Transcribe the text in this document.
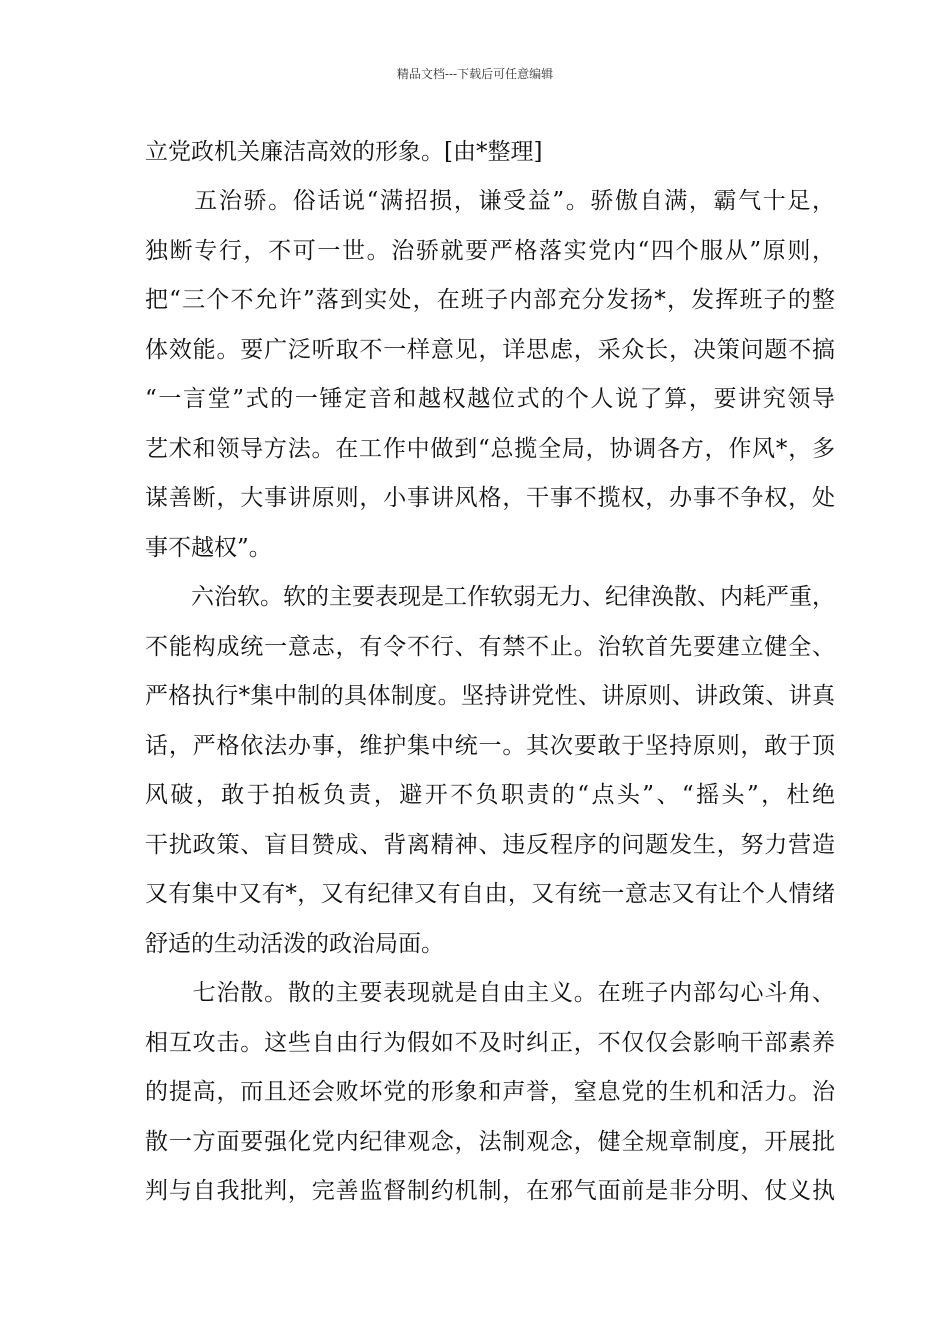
精品文档---下载后可任意编辑
立党政机关廉洁高效的形象。[由*整理]
　　五治骄。俗话说“满招损，谦受益”。骄傲自满，霸气十足，
独断专行，不可一世。治骄就要严格落实党内“四个服从”原则，
把“三个不允许”落到实处，在班子内部充分发扬*，发挥班子的整
体效能。要广泛听取不一样意见，详思虑，采众长，决策问题不搞
“一言堂”式的一锤定音和越权越位式的个人说了算，要讲究领导
艺术和领导方法。在工作中做到“总揽全局，协调各方，作风*，多
谋善断，大事讲原则，小事讲风格，干事不揽权，办事不争权，处
事不越权”。
　　六治软。软的主要表现是工作软弱无力、纪律涣散、内耗严重，
不能构成统一意志，有令不行、有禁不止。治软首先要建立健全、
严格执行*集中制的具体制度。坚持讲党性、讲原则、讲政策、讲真
话，严格依法办事，维护集中统一。其次要敢于坚持原则，敢于顶
风破，敢于拍板负责，避开不负职责的“点头”、“摇头”，杜绝
干扰政策、盲目赞成、背离精神、违反程序的问题发生，努力营造
又有集中又有*，又有纪律又有自由，又有统一意志又有让个人情绪
舒适的生动活泼的政治局面。
　　七治散。散的主要表现就是自由主义。在班子内部勾心斗角、
相互攻击。这些自由行为假如不及时纠正，不仅仅会影响干部素养
的提高，而且还会败坏党的形象和声誉，窒息党的生机和活力。治
散一方面要强化党内纪律观念，法制观念，健全规章制度，开展批
判与自我批判，完善监督制约机制，在邪气面前是非分明、仗义执
